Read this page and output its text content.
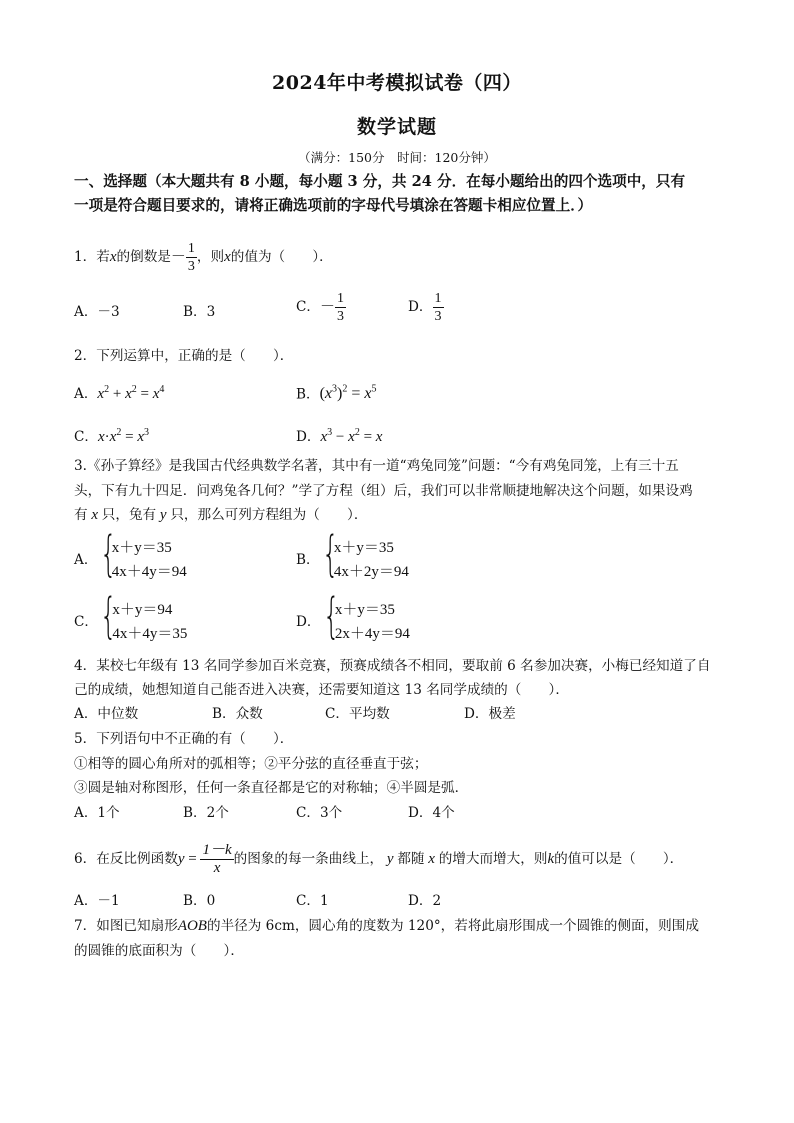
2024年中考模拟试卷（四）
数学试题
（满分：150分　时间：120分钟）
一、选择题（本大题共有 8 小题，每小题 3 分，共 24 分．在每小题给出的四个选项中，只有
一项是符合题目要求的，请将正确选项前的字母代号填涂在答题卡相应位置上．）
1．若x的倒数是－ $\frac{1}{3}$ ，则x的值为（　　）．
A．－3	B．3	C．－ $\frac{1}{3}$	D． $\frac{1}{3}$
2．下列运算中，正确的是（　　）．
A．$x^2 + x^2 = x^4$	B．$(x^3)^2 = x^5$
C．$x\cdot x^2 = x^3$	D．$x^3 - x^2 = x$
3.《孙子算经》是我国古代经典数学名著，其中有一道“鸡兔同笼”问题：“今有鸡兔同笼，上有三十五
头，下有九十四足．问鸡兔各几何？”学了方程（组）后，我们可以非常顺捷地解决这个问题，如果设鸡
有 x 只，兔有 y 只，那么可列方程组为（　　）．
A． {
x＋y＝35
4x＋4y＝94
B． {
x＋y＝35
4x＋2y＝94
C． {
x＋y＝94
4x＋4y＝35
D． {
x＋y＝35
2x＋4y＝94
4．某校七年级有 13 名同学参加百米竞赛，预赛成绩各不相同，要取前 6 名参加决赛，小梅已经知道了自
己的成绩，她想知道自己能否进入决赛，还需要知道这 13 名同学成绩的（　　）．
A．中位数	B．众数	C．平均数	D．极差
5．下列语句中不正确的有（　　）．
①相等的圆心角所对的弧相等；②平分弦的直径垂直于弦；
③圆是轴对称图形，任何一条直径都是它的对称轴；④半圆是弧．
A．1个	B．2个	C．3个	D．4个
6．在反比例函数$y = \frac{1-k}{x}$ 的图象的每一条曲线上， y 都随 x 的增大而增大，则k的值可以是（　　）．
A．－1	B．0	C．1	D．2
7．如图已知扇形AOB的半径为 6cm，圆心角的度数为 120°，若将此扇形围成一个圆锥的侧面，则围成
的圆锥的底面积为（　　）．
